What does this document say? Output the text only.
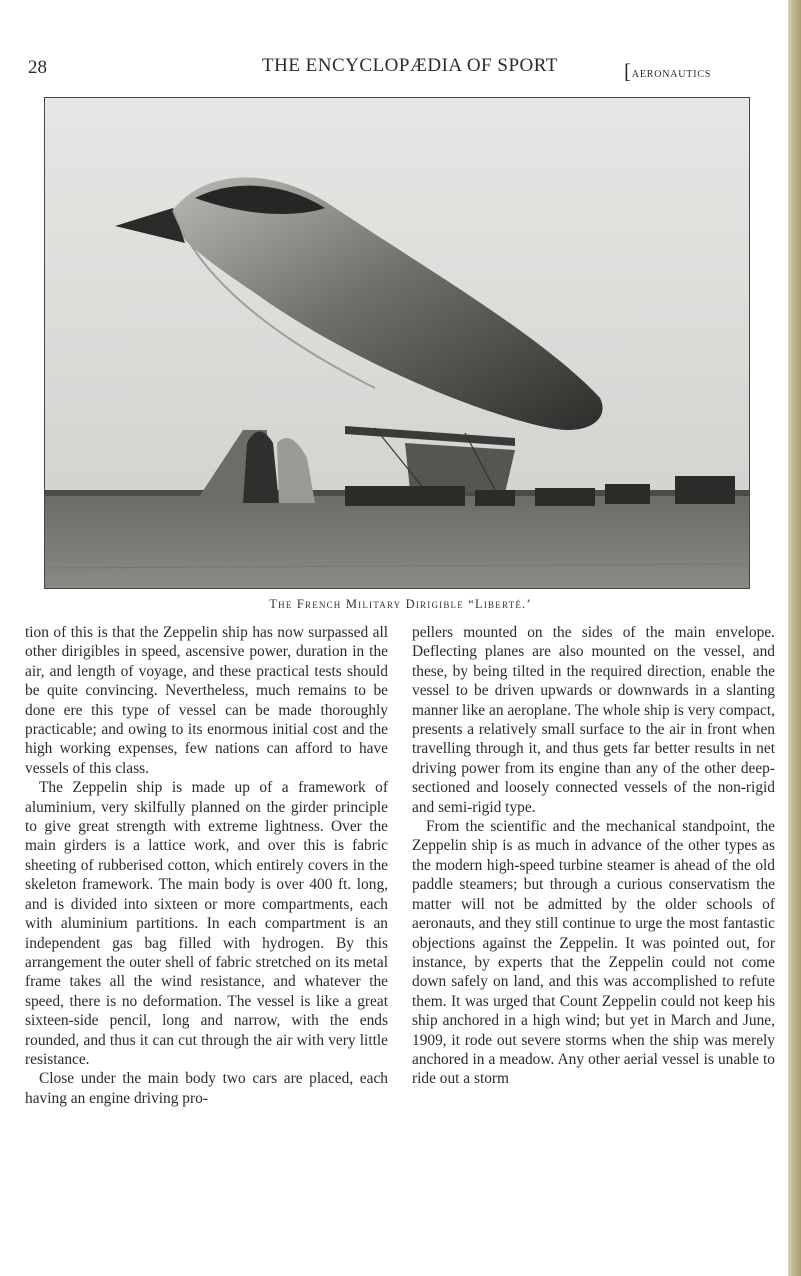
28	THE ENCYCLOPÆDIA OF SPORT	[aeronautics
The French Military Dirigible “Liberté.’

tion of this is that the Zeppelin ship has now surpassed all other dirigibles in speed, ascensive power, duration in the air, and length of voyage, and these practical tests should be quite convincing. Nevertheless, much remains to be done ere this type of vessel can be made thoroughly practicable; and owing to its enormous initial cost and the high working expenses, few nations can afford to have vessels of this class.

The Zeppelin ship is made up of a framework of aluminium, very skilfully planned on the girder principle to give great strength with extreme lightness. Over the main girders is a lattice work, and over this is fabric sheeting of rubberised cotton, which entirely covers in the skeleton framework. The main body is over 400 ft. long, and is divided into sixteen or more compartments, each with aluminium partitions. In each compartment is an independent gas bag filled with hydrogen. By this arrangement the outer shell of fabric stretched on its metal frame takes all the wind resistance, and whatever the speed, there is no deformation. The vessel is like a great sixteen-side pencil, long and narrow, with the ends rounded, and thus it can cut through the air with very little resistance.

Close under the main body two cars are placed, each having an engine driving pro-

pellers mounted on the sides of the main envelope. Deflecting planes are also mounted on the vessel, and these, by being tilted in the required direction, enable the vessel to be driven upwards or downwards in a slanting manner like an aeroplane. The whole ship is very compact, presents a relatively small surface to the air in front when travelling through it, and thus gets far better results in net driving power from its engine than any of the other deep-sectioned and loosely connected vessels of the non-rigid and semi-rigid type.

From the scientific and the mechanical standpoint, the Zeppelin ship is as much in advance of the other types as the modern high-speed turbine steamer is ahead of the old paddle steamers; but through a curious conservatism the matter will not be admitted by the older schools of aeronauts, and they still continue to urge the most fantastic objections against the Zeppelin. It was pointed out, for instance, by experts that the Zeppelin could not come down safely on land, and this was accomplished to refute them. It was urged that Count Zeppelin could not keep his ship anchored in a high wind; but yet in March and June, 1909, it rode out severe storms when the ship was merely anchored in a meadow. Any other aerial vessel is unable to ride out a storm
